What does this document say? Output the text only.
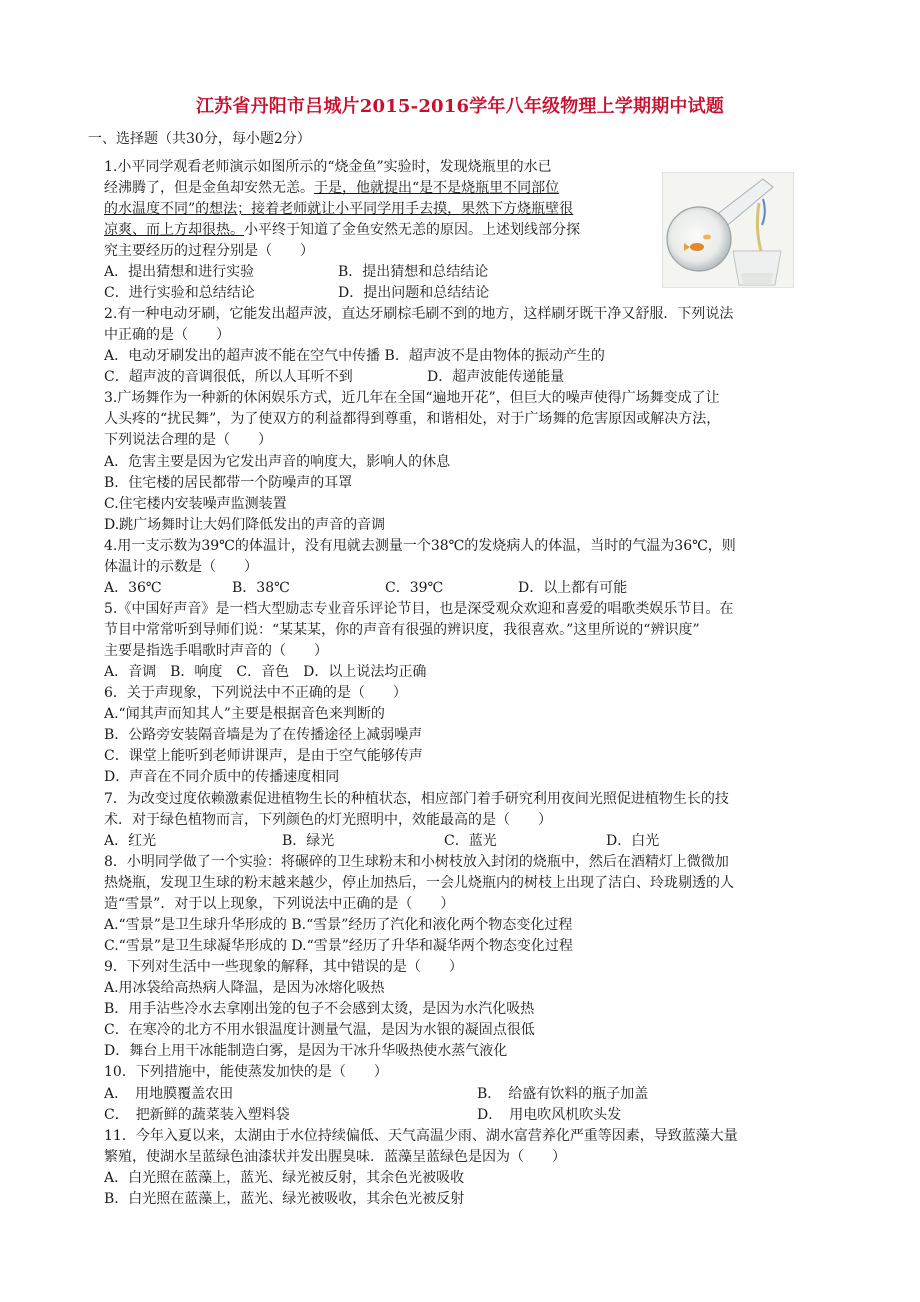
江苏省丹阳市吕城片2015-2016学年八年级物理上学期期中试题
一、选择题（共30分，每小题2分）
1.小平同学观看老师演示如图所示的“烧金鱼”实验时，发现烧瓶里的水已
经沸腾了，但是金鱼却安然无恙。于是，他就提出“是不是烧瓶里不同部位
的水温度不同”的想法；接着老师就让小平同学用手去摸，果然下方烧瓶壁很
凉爽、而上方却很热。小平终于知道了金鱼安然无恙的原因。上述划线部分探
究主要经历的过程分别是（　　）
A．提出猜想和进行实验	B．提出猜想和总结结论
C．进行实验和总结结论	D．提出问题和总结结论
2.有一种电动牙刷，它能发出超声波，直达牙刷棕毛刷不到的地方，这样刷牙既干净又舒服．下列说法
中正确的是（　　）
A．电动牙刷发出的超声波不能在空气中传播 B．超声波不是由物体的振动产生的
C．超声波的音调很低，所以人耳听不到	D．超声波能传递能量
3.广场舞作为一种新的休闲娱乐方式，近几年在全国“遍地开花”，但巨大的噪声使得广场舞变成了让
人头疼的“扰民舞”，为了使双方的利益都得到尊重，和谐相处，对于广场舞的危害原因或解决方法，
下列说法合理的是（　　）
A．危害主要是因为它发出声音的响度大，影响人的休息
B．住宅楼的居民都带一个防噪声的耳罩
C.住宅楼内安装噪声监测装置
D.跳广场舞时让大妈们降低发出的声音的音调
4.用一支示数为39℃的体温计，没有甩就去测量一个38℃的发烧病人的体温，当时的气温为36℃，则
体温计的示数是（　　）
A．36℃	B．38℃	C．39℃	D．以上都有可能
5.《中国好声音》是一档大型励志专业音乐评论节目，也是深受观众欢迎和喜爱的唱歌类娱乐节目。在
节目中常常听到导师们说：“某某某，你的声音有很强的辨识度，我很喜欢。”这里所说的“辨识度”
主要是指选手唱歌时声音的（　　）
A．音调　B．响度　C．音色　D．以上说法均正确
6．关于声现象，下列说法中不正确的是（　　）
A.“闻其声而知其人”主要是根据音色来判断的
B．公路旁安装隔音墙是为了在传播途径上减弱噪声
C．课堂上能听到老师讲课声，是由于空气能够传声
D．声音在不同介质中的传播速度相同
7．为改变过度依赖激素促进植物生长的种植状态，相应部门着手研究利用夜间光照促进植物生长的技
术．对于绿色植物而言，下列颜色的灯光照明中，效能最高的是（　　）
A．红光	B．绿光	C．蓝光	D．白光
8．小明同学做了一个实验：将碾碎的卫生球粉末和小树枝放入封闭的烧瓶中，然后在酒精灯上微微加
热烧瓶，发现卫生球的粉末越来越少，停止加热后，一会儿烧瓶内的树枝上出现了洁白、玲珑剔透的人
造“雪景”．对于以上现象，下列说法中正确的是（　　）
A.“雪景”是卫生球升华形成的 B.“雪景”经历了汽化和液化两个物态变化过程
C.“雪景”是卫生球凝华形成的 D.“雪景”经历了升华和凝华两个物态变化过程
9．下列对生活中一些现象的解释，其中错误的是（　　）
A.用冰袋给高热病人降温，是因为冰熔化吸热
B．用手沾些冷水去拿刚出笼的包子不会感到太烫，是因为水汽化吸热
C．在寒冷的北方不用水银温度计测量气温，是因为水银的凝固点很低
D．舞台上用干冰能制造白雾，是因为干冰升华吸热使水蒸气液化
10．下列措施中，能使蒸发加快的是（　　）
A．　用地膜覆盖农田	B．　给盛有饮料的瓶子加盖
C．　把新鲜的蔬菜装入塑料袋	D．　用电吹风机吹头发
11．今年入夏以来，太湖由于水位持续偏低、天气高温少雨、湖水富营养化严重等因素，导致蓝藻大量
繁殖，使湖水呈蓝绿色油漆状并发出腥臭味．蓝藻呈蓝绿色是因为（　　）
A．白光照在蓝藻上，蓝光、绿光被反射，其余色光被吸收
B．白光照在蓝藻上，蓝光、绿光被吸收，其余色光被反射
